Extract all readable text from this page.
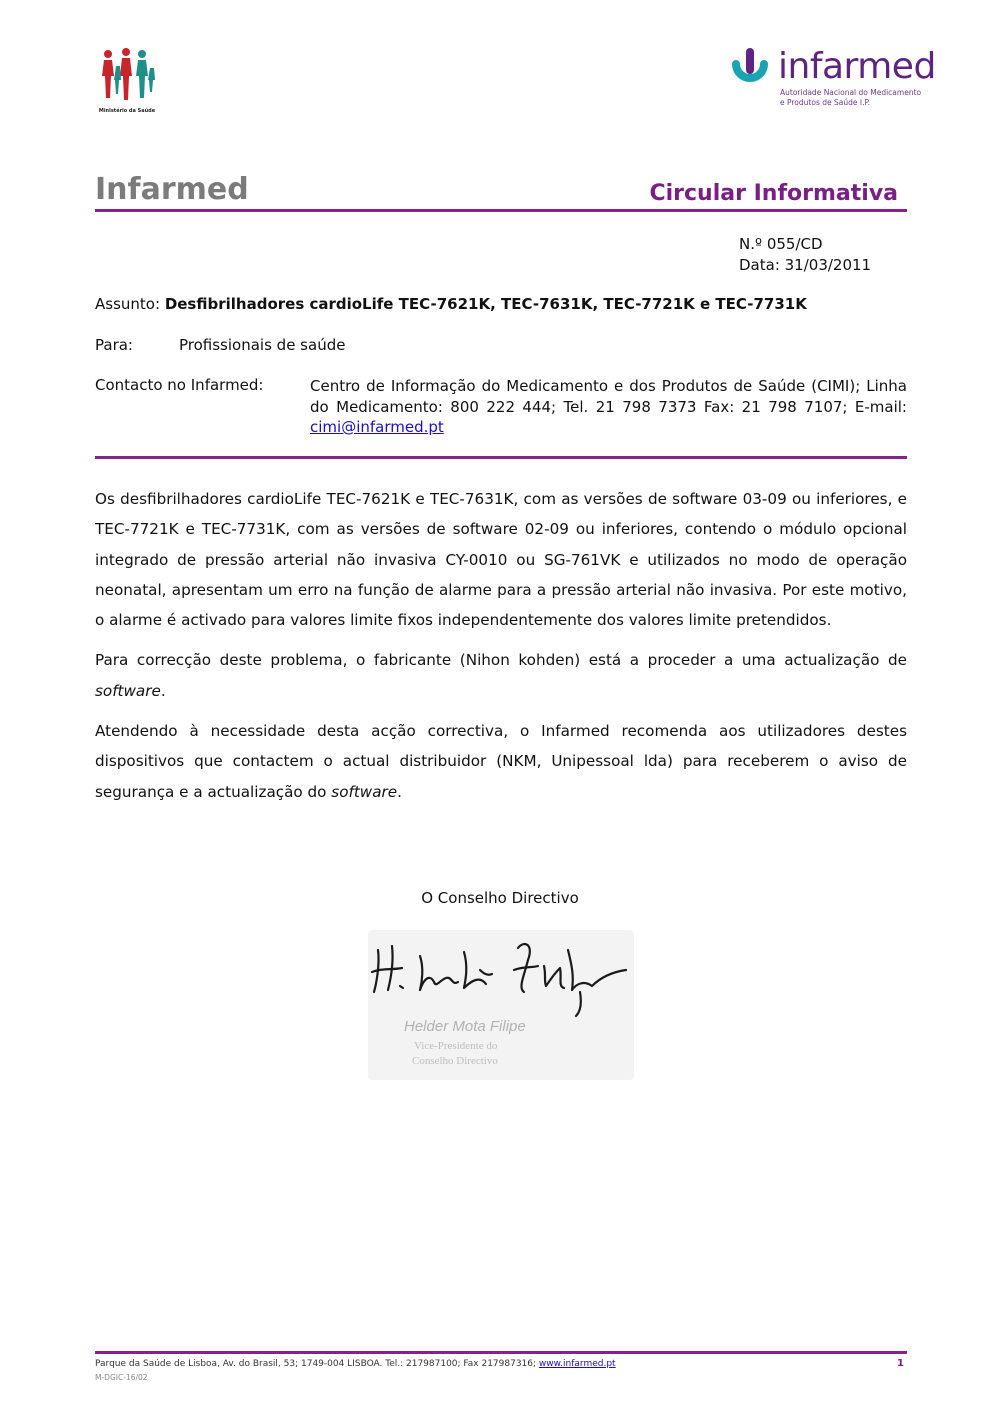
Ministério da Saúde
infarmed
Autoridade Nacional do Medicamento
e Produtos de Saúde I.P.
Infarmed	Circular Informativa
N.º 055/CD
Data: 31/03/2011
Assunto: Desfibrilhadores cardioLife TEC-7621K, TEC-7631K, TEC-7721K e TEC-7731K
Para:	Profissionais de saúde
Contacto no Infarmed:	Centro de Informação do Medicamento e dos Produtos de Saúde (CIMI); Linha do Medicamento: 800 222 444; Tel. 21 798 7373 Fax: 21 798 7107; E-mail: cimi@infarmed.pt

Os desfibrilhadores cardioLife TEC-7621K e TEC-7631K, com as versões de software 03-09 ou inferiores, e TEC-7721K e TEC-7731K, com as versões de software 02-09 ou inferiores, contendo o módulo opcional integrado de pressão arterial não invasiva CY-0010 ou SG-761VK e utilizados no modo de operação neonatal, apresentam um erro na função de alarme para a pressão arterial não invasiva. Por este motivo, o alarme é activado para valores limite fixos independentemente dos valores limite pretendidos.

Para correcção deste problema, o fabricante (Nihon kohden) está a proceder a uma actualização de software.

Atendendo à necessidade desta acção correctiva, o Infarmed recomenda aos utilizadores destes dispositivos que contactem o actual distribuidor (NKM, Unipessoal lda) para receberem o aviso de segurança e a actualização do software.

O Conselho Directivo
Helder Mota Filipe
Vice-Presidente do
Conselho Directivo
Parque da Saúde de Lisboa, Av. do Brasil, 53; 1749-004 LISBOA. Tel.: 217987100; Fax 217987316; www.infarmed.pt
M-DGIC-16/02
1
